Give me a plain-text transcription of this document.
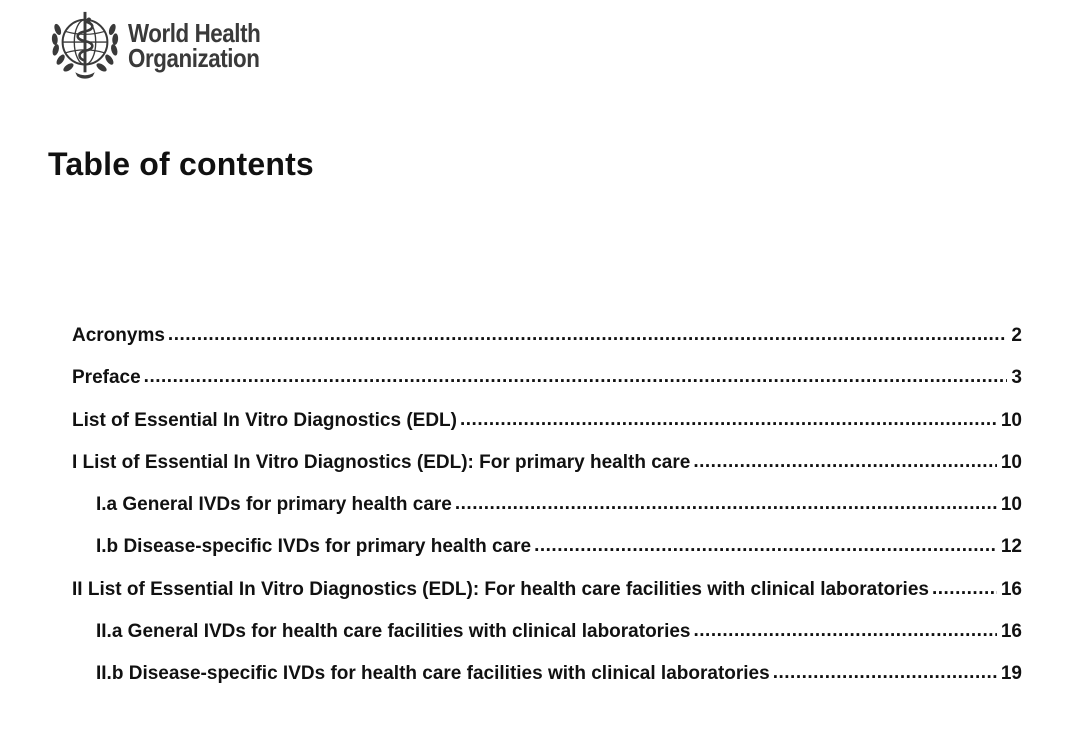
World Health
Organization
Table of contents
Acronyms .....	2
Preface .....	3
List of Essential In Vitro Diagnostics (EDL) .....	10
I List of Essential In Vitro Diagnostics (EDL): For primary health care .....	10
I.a General IVDs for primary health care .....	10
I.b Disease-specific IVDs for primary health care .....	12
II List of Essential In Vitro Diagnostics (EDL): For health care facilities with clinical laboratories .....	16
II.a General IVDs for health care facilities with clinical laboratories .....	16
II.b Disease-specific IVDs for health care facilities with clinical laboratories .....	19
